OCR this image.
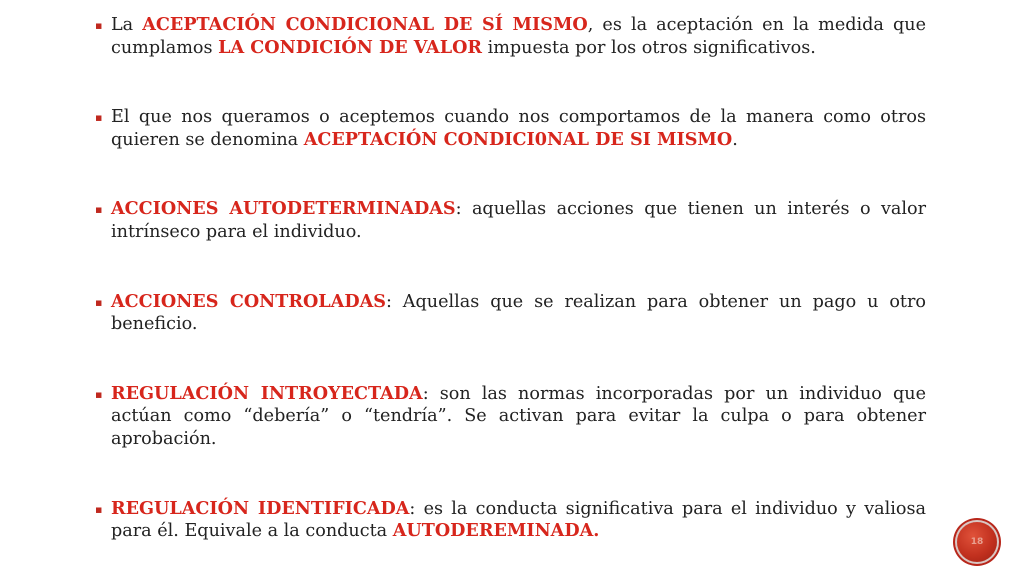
▪ La ACEPTACIÓN CONDICIONAL DE SÍ MISMO, es la aceptación en la medida que cumplamos LA CONDICIÓN DE VALOR impuesta por los otros significativos.
▪ El que nos queramos o aceptemos cuando nos comportamos de la manera como otros quieren se denomina ACEPTACIÓN CONDICI0NAL DE SI MISMO.
▪ ACCIONES AUTODETERMINADAS: aquellas acciones que tienen un interés o valor intrínseco para el individuo.
▪ ACCIONES CONTROLADAS: Aquellas que se realizan para obtener un pago u otro beneficio.
▪ REGULACIÓN INTROYECTADA: son las normas incorporadas por un individuo que actúan como “debería” o “tendría”. Se activan para evitar la culpa o para obtener aprobación.
▪ REGULACIÓN IDENTIFICADA: es la conducta significativa para el individuo y valiosa para él. Equivale a la conducta AUTODEREMINADA.
18
